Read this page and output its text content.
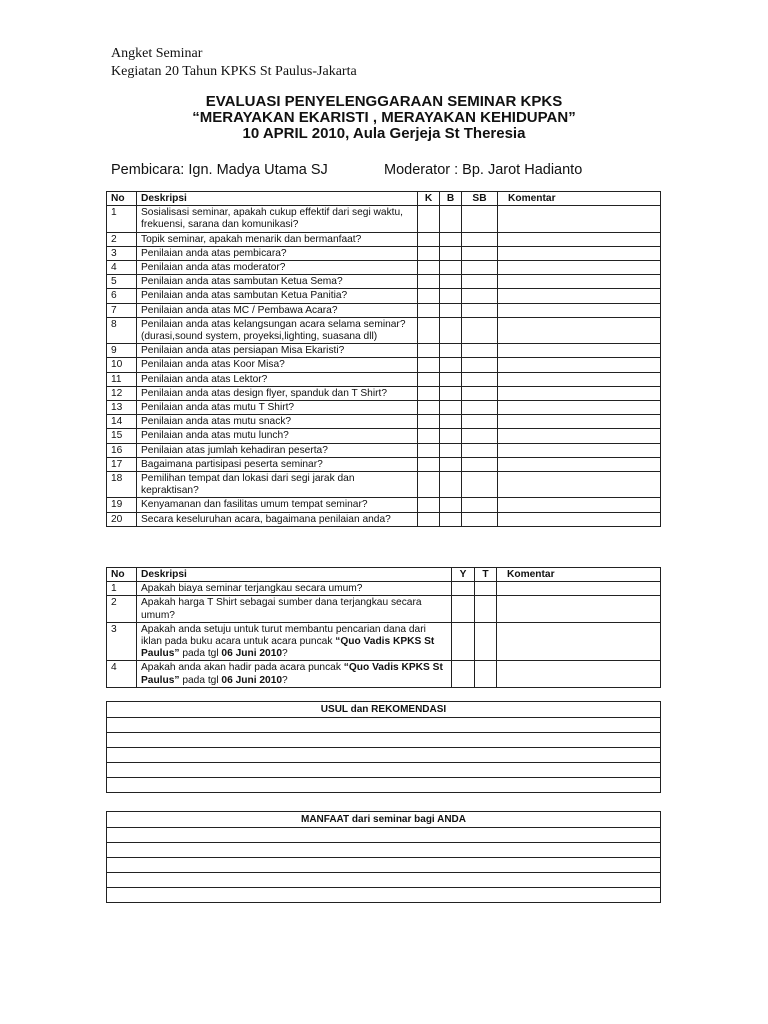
Angket Seminar
Kegiatan 20 Tahun KPKS St Paulus-Jakarta
EVALUASI PENYELENGGARAAN SEMINAR KPKS
“MERAYAKAN EKARISTI , MERAYAKAN KEHIDUPAN”
10 APRIL 2010, Aula Gerjeja St Theresia
Pembicara: Ign. Madya Utama SJ	Moderator : Bp. Jarot Hadianto
No	Deskripsi	K	B	SB	Komentar
1	Sosialisasi seminar, apakah cukup effektif dari segi waktu, frekuensi, sarana dan komunikasi?				
2	Topik seminar, apakah menarik dan bermanfaat?				
3	Penilaian anda atas pembicara?				
4	Penilaian anda atas moderator?				
5	Penilaian anda atas sambutan Ketua Sema?				
6	Penilaian anda atas sambutan Ketua Panitia?				
7	Penilaian anda atas MC / Pembawa Acara?				
8	Penilaian anda atas kelangsungan acara selama seminar? (durasi,sound system, proyeksi,lighting, suasana dll)				
9	Penilaian anda atas persiapan Misa Ekaristi?				
10	Penilaian anda atas Koor Misa?				
11	Penilaian anda atas Lektor?				
12	Penilaian anda atas design flyer, spanduk dan T Shirt?				
13	Penilaian anda atas mutu T Shirt?				
14	Penilaian anda atas mutu snack?				
15	Penilaian anda atas mutu lunch?				
16	Penilaian atas jumlah kehadiran peserta?				
17	Bagaimana partisipasi peserta seminar?				
18	Pemilihan tempat dan lokasi dari segi jarak dan kepraktisan?				
19	Kenyamanan dan fasilitas umum tempat seminar?				
20	Secara keseluruhan acara, bagaimana penilaian anda?				
No	Deskripsi	Y	T	Komentar
1	Apakah biaya seminar terjangkau secara umum?			
2	Apakah harga T Shirt sebagai sumber dana terjangkau secara umum?			
3	Apakah anda setuju untuk turut membantu pencarian dana dari iklan pada buku acara untuk acara puncak “Quo Vadis KPKS St Paulus” pada tgl 06 Juni 2010?			
4	Apakah anda akan hadir pada acara puncak “Quo Vadis KPKS St Paulus” pada tgl 06 Juni 2010?			
USUL dan REKOMENDASI

MANFAAT dari seminar bagi ANDA
